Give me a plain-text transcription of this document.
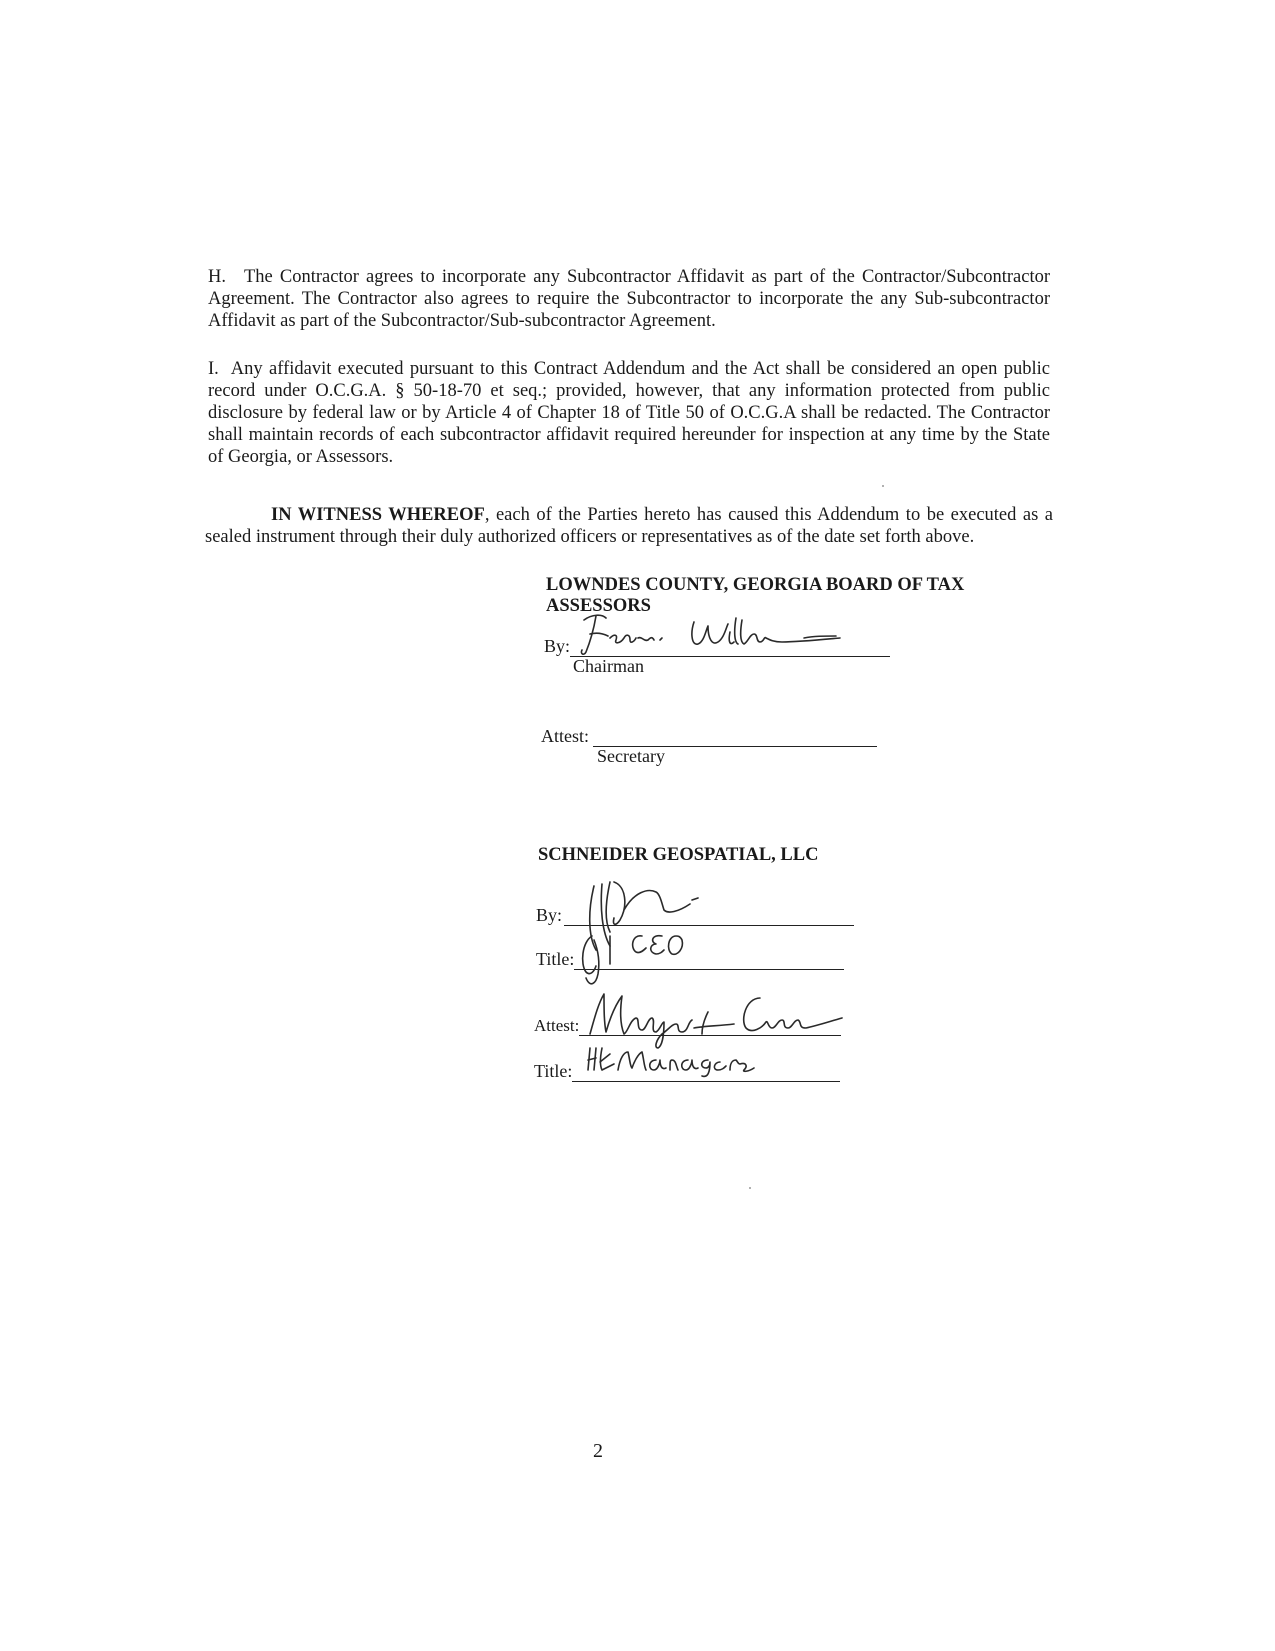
H. The Contractor agrees to incorporate any Subcontractor Affidavit as part of the Contractor/Subcontractor Agreement. The Contractor also agrees to require the Subcontractor to incorporate the any Sub-subcontractor Affidavit as part of the Subcontractor/Sub-subcontractor Agreement.

I. Any affidavit executed pursuant to this Contract Addendum and the Act shall be considered an open public record under O.C.G.A. § 50-18-70 et seq.; provided, however, that any information protected from public disclosure by federal law or by Article 4 of Chapter 18 of Title 50 of O.C.G.A shall be redacted. The Contractor shall maintain records of each subcontractor affidavit required hereunder for inspection at any time by the State of Georgia, or Assessors.

IN WITNESS WHEREOF, each of the Parties hereto has caused this Addendum to be executed as a sealed instrument through their duly authorized officers or representatives as of the date set forth above.

LOWNDES COUNTY, GEORGIA BOARD OF TAX ASSESSORS
By:
Chairman
Attest:
Secretary
SCHNEIDER GEOSPATIAL, LLC
By:
Title:
Attest:
Title:
2
